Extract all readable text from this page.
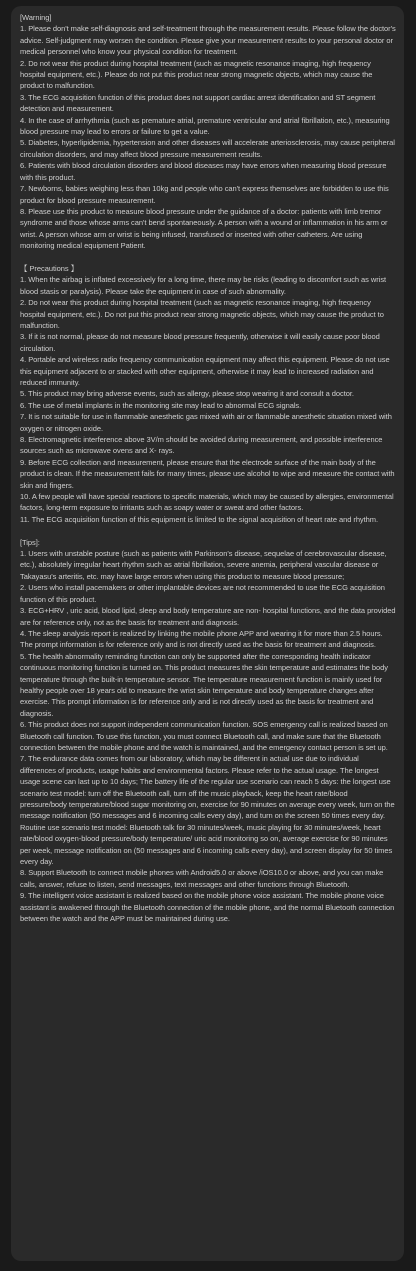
[Warning]

1. Please don't make self-diagnosis and self-treatment through the measurement results. Please follow the doctor's advice. Self-judgment may worsen the condition. Please give your measurement results to your personal doctor or medical personnel who know your physical condition for treatment.

2. Do not wear this product during hospital treatment (such as magnetic resonance imaging, high frequency hospital equipment, etc.). Please do not put this product near strong magnetic objects, which may cause the product to malfunction.

3. The ECG acquisition function of this product does not support cardiac arrest identification and ST segment detection and measurement.

4. In the case of arrhythmia (such as premature atrial, premature ventricular and atrial fibrillation, etc.), measuring blood pressure may lead to errors or failure to get a value.

5. Diabetes, hyperlipidemia, hypertension and other diseases will accelerate arteriosclerosis, may cause peripheral circulation disorders, and may affect blood pressure measurement results.

6. Patients with blood circulation disorders and blood diseases may have errors when measuring blood pressure with this product.

7. Newborns, babies weighing less than 10kg and people who can't express themselves are forbidden to use this product for blood pressure measurement.

8. Please use this product to measure blood pressure under the guidance of a doctor: patients with limb tremor syndrome and those whose arms can't bend spontaneously. A person with a wound or inflammation in his arm or wrist. A person whose arm or wrist is being infused, transfused or inserted with other catheters. Are using monitoring medical equipment Patient.

【 Precautions 】

1. When the airbag is inflated excessively for a long time, there may be risks (leading to discomfort such as wrist blood stasis or paralysis). Please take the equipment in case of such abnormality.

2. Do not wear this product during hospital treatment (such as magnetic resonance imaging, high frequency hospital equipment, etc.). Do not put this product near strong magnetic objects, which may cause the product to malfunction.

3. If it is not normal, please do not measure blood pressure frequently, otherwise it will easily cause poor blood circulation.

4. Portable and wireless radio frequency communication equipment may affect this equipment. Please do not use this equipment adjacent to or stacked with other equipment, otherwise it may lead to increased radiation and reduced immunity.

5. This product may bring adverse events, such as allergy, please stop wearing it and consult a doctor.

6. The use of metal implants in the monitoring site may lead to abnormal ECG signals.

7. It is not suitable for use in flammable anesthetic gas mixed with air or flammable anesthetic situation mixed with oxygen or nitrogen oxide.

8. Electromagnetic interference above 3V/m should be avoided during measurement, and possible interference sources such as microwave ovens and X- rays.

9. Before ECG collection and measurement, please ensure that the electrode surface of the main body of the product is clean. If the measurement fails for many times, please use alcohol to wipe and measure the contact with skin and fingers.

10. A few people will have special reactions to specific materials, which may be caused by allergies, environmental factors, long-term exposure to irritants such as soapy water or sweat and other factors.

11. The ECG acquisition function of this equipment is limited to the signal acquisition of heart rate and rhythm.

[Tips]:

1. Users with unstable posture (such as patients with Parkinson's disease, sequelae of cerebrovascular disease, etc.), absolutely irregular heart rhythm such as atrial fibrillation, severe anemia, peripheral vascular disease or Takayasu's arteritis, etc. may have large errors when using this product to measure blood pressure;

2. Users who install pacemakers or other implantable devices are not recommended to use the ECG acquisition function of this product.

3. ECG+HRV , uric acid, blood lipid, sleep and body temperature are non- hospital functions, and the data provided are for reference only, not as the basis for treatment and diagnosis.

4. The sleep analysis report is realized by linking the mobile phone APP and wearing it for more than 2.5 hours. The prompt information is for reference only and is not directly used as the basis for treatment and diagnosis.

5. The health abnormality reminding function can only be supported after the corresponding health indicator continuous monitoring function is turned on. This product measures the skin temperature and estimates the body temperature through the built-in temperature sensor. The temperature measurement function is mainly used for healthy people over 18 years old to measure the wrist skin temperature and body temperature changes after exercise. This prompt information is for reference only and is not directly used as the basis for treatment and diagnosis.

6. This product does not support independent communication function. SOS emergency call is realized based on Bluetooth call function. To use this function, you must connect Bluetooth call, and make sure that the Bluetooth connection between the mobile phone and the watch is maintained, and the emergency contact person is set up.

7. The endurance data comes from our laboratory, which may be different in actual use due to individual differences of products, usage habits and environmental factors. Please refer to the actual usage. The longest usage scene can last up to 10 days; The battery life of the regular use scenario can reach 5 days: the longest use scenario test model: turn off the Bluetooth call, turn off the music playback, keep the heart rate/blood pressure/body temperature/blood sugar monitoring on, exercise for 90 minutes on average every week, turn on the message notification (50 messages and 6 incoming calls every day), and turn on the screen 50 times every day. Routine use scenario test model: Bluetooth talk for 30 minutes/week, music playing for 30 minutes/week, heart rate/blood oxygen-blood pressure/body temperature/ uric acid monitoring so on, average exercise for 90 minutes per week, message notification on (50 messages and 6 incoming calls every day), and screen display for 50 times every day.

8. Support Bluetooth to connect mobile phones with Android5.0 or above /iOS10.0 or above, and you can make calls, answer, refuse to listen, send messages, text messages and other functions through Bluetooth.

9. The intelligent voice assistant is realized based on the mobile phone voice assistant. The mobile phone voice assistant is awakened through the Bluetooth connection of the mobile phone, and the normal Bluetooth connection between the watch and the APP must be maintained during use.
